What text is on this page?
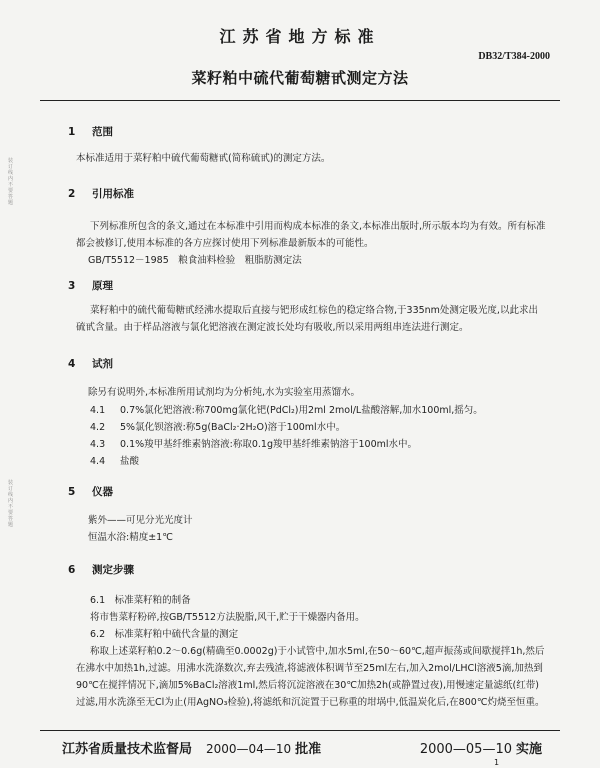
江苏省地方标准
DB32/T384-2000
菜籽粕中硫代葡萄糖甙测定方法
装订线内不要答题
装订线内不要答题
1 范围
本标准适用于菜籽粕中硫代葡萄糖甙(简称硫甙)的测定方法。
2 引用标准
下列标准所包含的条文,通过在本标准中引用而构成本标准的条文,本标准出版时,所示版本均为有效。所有标准都会被修订,使用本标准的各方应探讨使用下列标准最新版本的可能性。
GB/T5512－1985　粮食油料检验　粗脂肪测定法
3 原理
菜籽粕中的硫代葡萄糖甙经沸水提取后直接与钯形成红棕色的稳定络合物,于335nm处测定吸光度,以此求出硫甙含量。由于样品溶液与氯化钯溶液在测定波长处均有吸收,所以采用两组串连法进行测定。
4 试剂
除另有说明外,本标准所用试剂均为分析纯,水为实验室用蒸馏水。
4.1 0.7%氯化钯溶液:称700mg氯化钯(PdCl₂)用2ml 2mol/L盐酸溶解,加水100ml,摇匀。
4.2 5%氯化钡溶液:称5g(BaCl₂·2H₂O)溶于100ml水中。
4.3 0.1%羧甲基纤维素钠溶液:称取0.1g羧甲基纤维素钠溶于100ml水中。
4.4 盐酸
5 仪器
紫外——可见分光光度计
恒温水浴:精度±1℃
6 测定步骤
6.1　标准菜籽粕的制备
将市售菜籽粉碎,按GB/T5512方法脱脂,风干,贮于干燥器内备用。
6.2　标准菜籽粕中硫代含量的测定
称取上述菜籽粕0.2～0.6g(精确至0.0002g)于小试管中,加水5ml,在50～60℃,超声振荡或间歇搅拌1h,然后在沸水中加热1h,过滤。用沸水洗涤数次,弃去残渣,将滤液体积调节至25ml左右,加入2mol/LHCl溶液5滴,加热到90℃在搅拌情况下,滴加5%BaCl₂溶液1ml,然后将沉淀溶液在30℃加热2h(或静置过夜),用慢速定量滤纸(红带)过滤,用水洗涤至无Cl为止(用AgNO₃检验),将滤纸和沉淀置于已称重的坩埚中,低温炭化后,在800℃灼烧至恒重。
江苏省质量技术监督局 2000—04—10 批准	2000—05—10 实施
1
